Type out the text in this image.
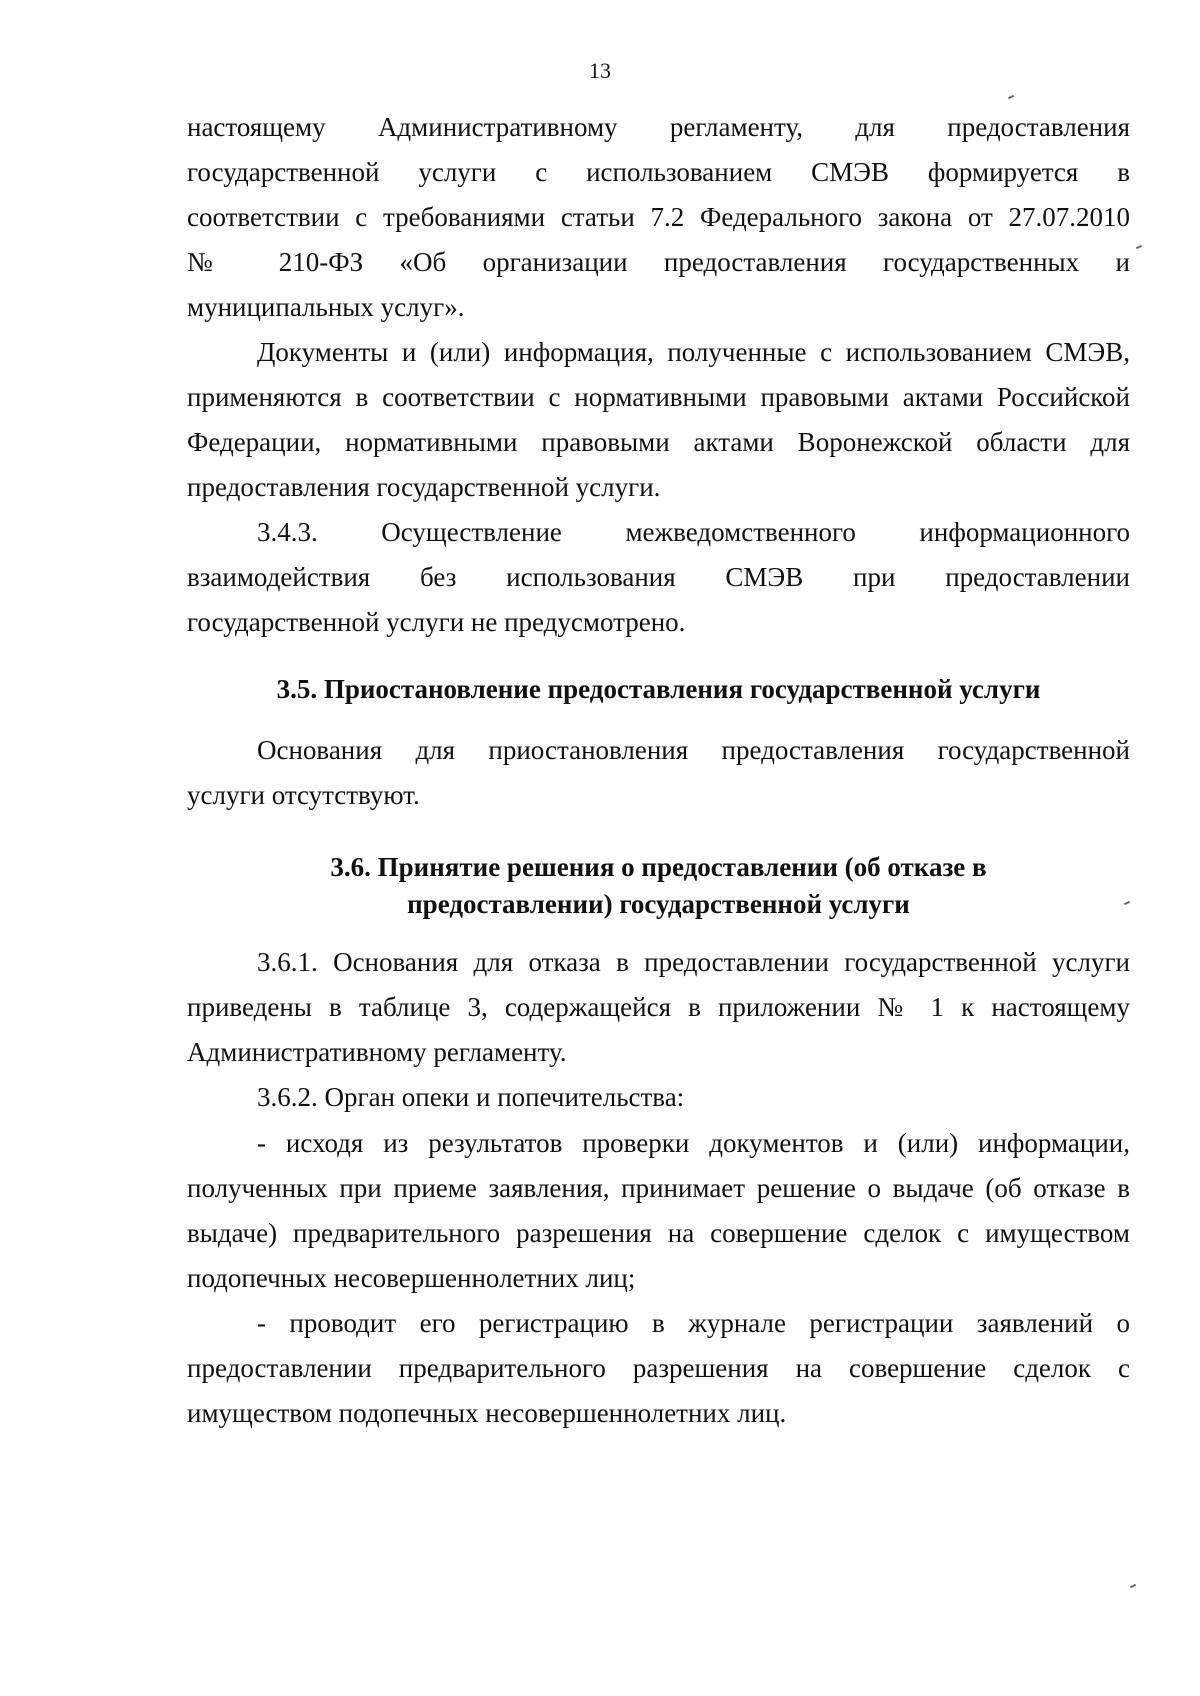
13
настоящему Административному регламенту, для предоставления
государственной услуги с использованием СМЭВ формируется в
соответствии с требованиями статьи 7.2 Федерального закона от 27.07.2010
№ 210-ФЗ «Об организации предоставления государственных и
муниципальных услуг».
Документы и (или) информация, полученные с использованием СМЭВ,
применяются в соответствии с нормативными правовыми актами Российской
Федерации, нормативными правовыми актами Воронежской области для
предоставления государственной услуги.
3.4.3. Осуществление межведомственного информационного
взаимодействия без использования СМЭВ при предоставлении
государственной услуги не предусмотрено.
3.5. Приостановление предоставления государственной услуги
Основания для приостановления предоставления государственной
услуги отсутствуют.
3.6. Принятие решения о предоставлении (об отказе в
предоставлении) государственной услуги
3.6.1. Основания для отказа в предоставлении государственной услуги
приведены в таблице 3, содержащейся в приложении № 1 к настоящему
Административному регламенту.
3.6.2. Орган опеки и попечительства:
- исходя из результатов проверки документов и (или) информации,
полученных при приеме заявления, принимает решение о выдаче (об отказе в
выдаче) предварительного разрешения на совершение сделок с имуществом
подопечных несовершеннолетних лиц;
- проводит его регистрацию в журнале регистрации заявлений о
предоставлении предварительного разрешения на совершение сделок с
имуществом подопечных несовершеннолетних лиц.
